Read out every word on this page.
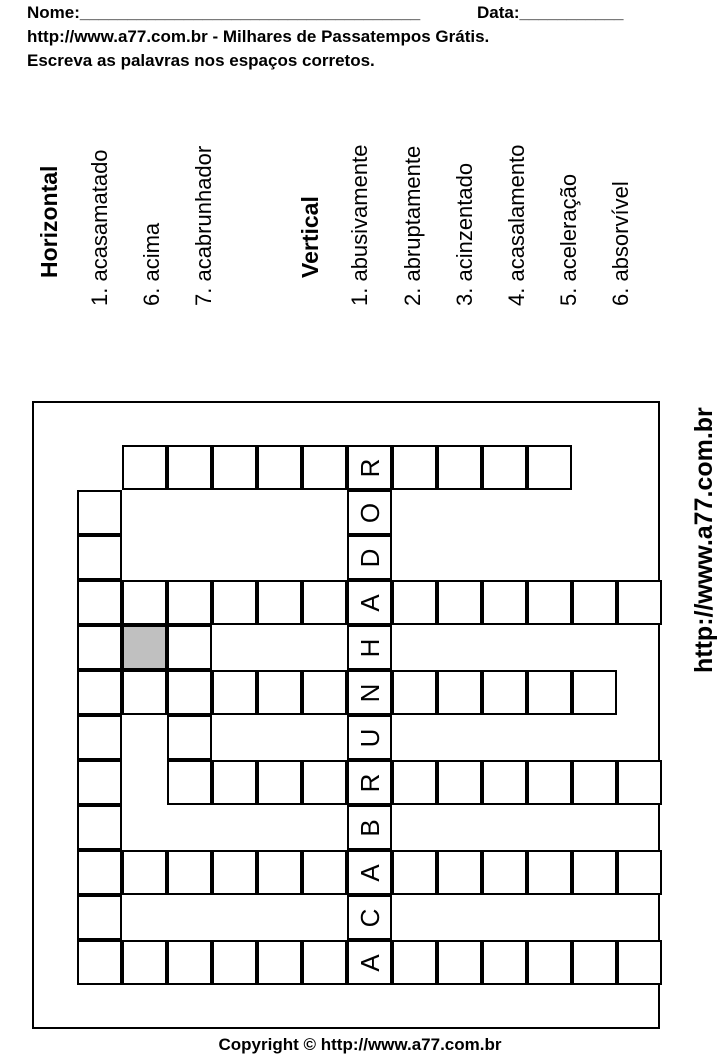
Nome:____________________________________	Data:___________
http://www.a77.com.br - Milhares de Passatempos Grátis.
Escreva as palavras nos espaços corretos.
Horizontal 1. acasamatado 6. acima 7. acabrunhador	Vertical 1. abusivamente 2. abruptamente 3. acinzentado 4. acasalamento 5. aceleração 6. absorvível
R
O
D
A
H
N
U
R
B
A
C
A
http://www.a77.com.br
Copyright © http://www.a77.com.br
